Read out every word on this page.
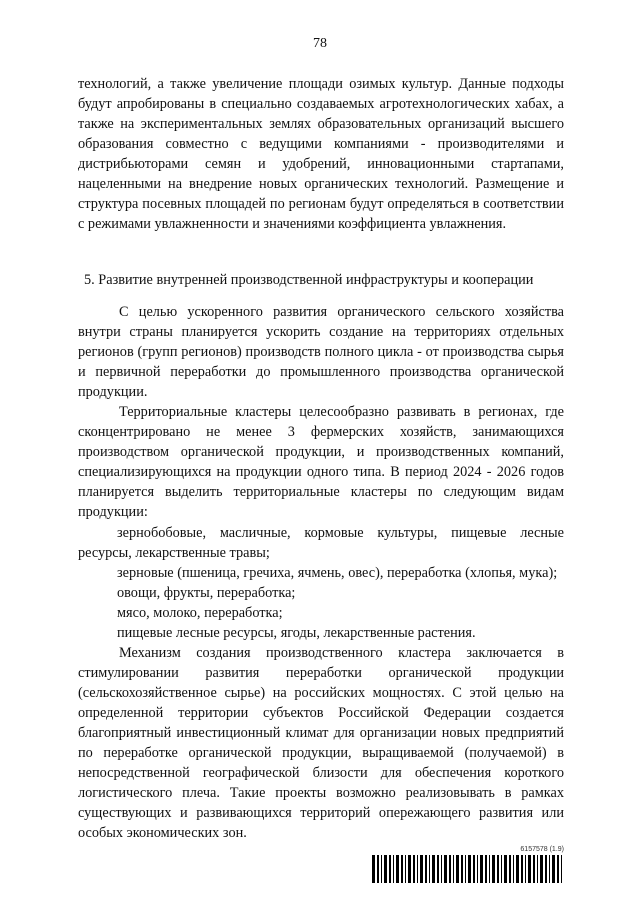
78

технологий, а также увеличение площади озимых культур. Данные подходы будут апробированы в специально создаваемых агротехнологических хабах, а также на экспериментальных землях образовательных организаций высшего образования совместно с ведущими компаниями - производителями и дистрибьюторами семян и удобрений, инновационными стартапами, нацеленными на внедрение новых органических технологий. Размещение и структура посевных площадей по регионам будут определяться в соответствии с режимами увлажненности и значениями коэффициента увлажнения.

5. Развитие внутренней производственной инфраструктуры и кооперации

С целью ускоренного развития органического сельского хозяйства внутри страны планируется ускорить создание на территориях отдельных регионов (групп регионов) производств полного цикла - от производства сырья и первичной переработки до промышленного производства органической продукции.

Территориальные кластеры целесообразно развивать в регионах, где сконцентрировано не менее 3 фермерских хозяйств, занимающихся производством органической продукции, и производственных компаний, специализирующихся на продукции одного типа. В период 2024 - 2026 годов планируется выделить территориальные кластеры по следующим видам продукции:

зернобобовые, масличные, кормовые культуры, пищевые лесные ресурсы, лекарственные травы;

зерновые (пшеница, гречиха, ячмень, овес), переработка (хлопья, мука);

овощи, фрукты, переработка;

мясо, молоко, переработка;

пищевые лесные ресурсы, ягоды, лекарственные растения.

Механизм создания производственного кластера заключается в стимулировании развития переработки органической продукции (сельскохозяйственное сырье) на российских мощностях. С этой целью на определенной территории субъектов Российской Федерации создается благоприятный инвестиционный климат для организации новых предприятий по переработке органической продукции, выращиваемой (получаемой) в непосредственной географической близости для обеспечения короткого логистического плеча. Такие проекты возможно реализовывать в рамках существующих и развивающихся территорий опережающего развития или особых экономических зон.

6157578 (1.9)
